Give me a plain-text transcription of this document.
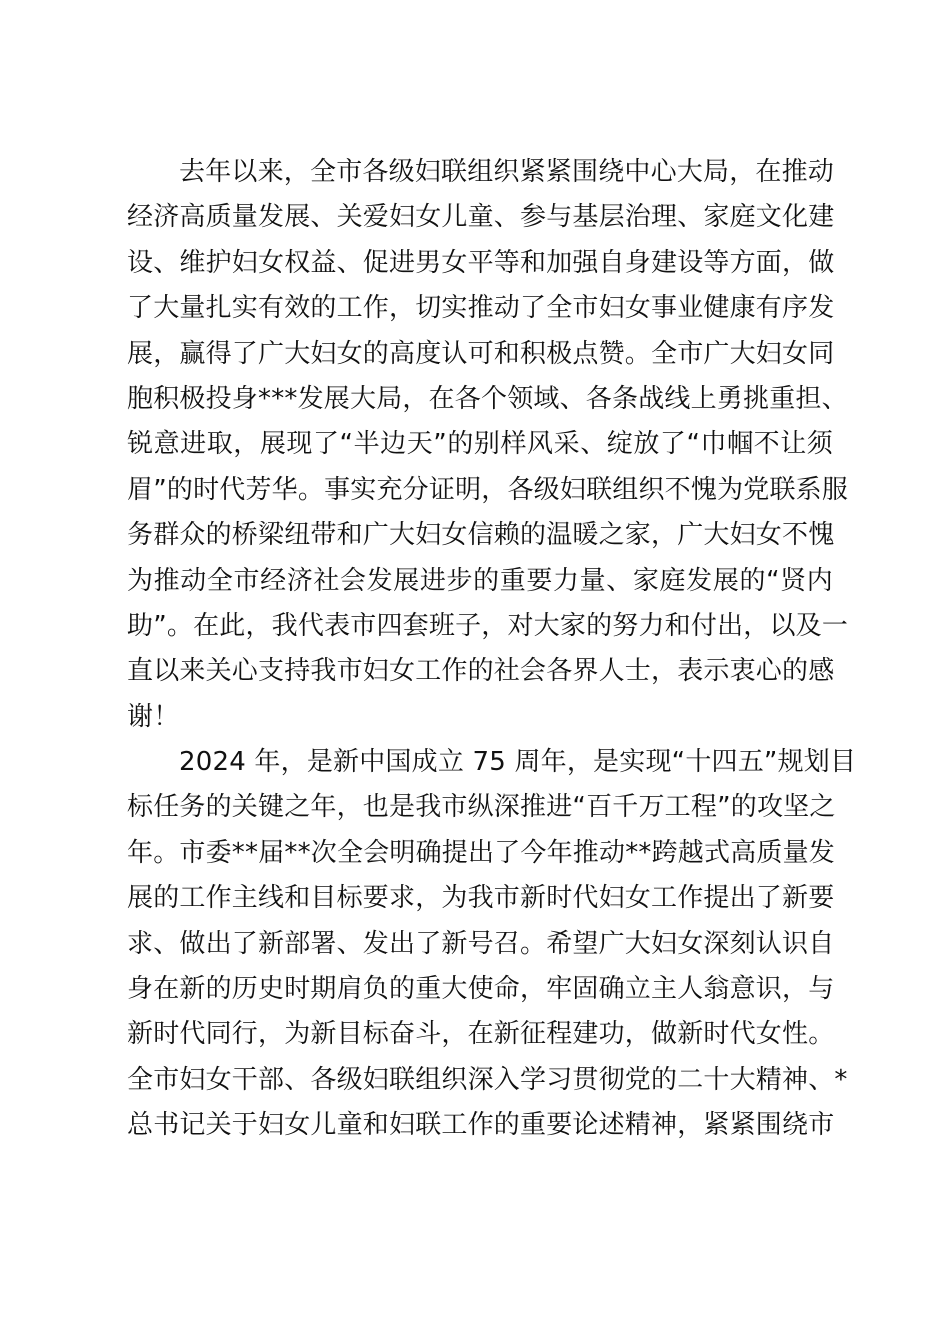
去年以来，全市各级妇联组织紧紧围绕中心大局，在推动
经济高质量发展、关爱妇女儿童、参与基层治理、家庭文化建
设、维护妇女权益、促进男女平等和加强自身建设等方面，做
了大量扎实有效的工作，切实推动了全市妇女事业健康有序发
展，赢得了广大妇女的高度认可和积极点赞。全市广大妇女同
胞积极投身***发展大局，在各个领域、各条战线上勇挑重担、
锐意进取，展现了“半边天”的别样风采、绽放了“巾帼不让须
眉”的时代芳华。事实充分证明，各级妇联组织不愧为党联系服
务群众的桥梁纽带和广大妇女信赖的温暖之家，广大妇女不愧
为推动全市经济社会发展进步的重要力量、家庭发展的“贤内
助”。在此，我代表市四套班子，对大家的努力和付出，以及一
直以来关心支持我市妇女工作的社会各界人士，表示衷心的感
谢！
2024 年，是新中国成立 75 周年，是实现“十四五”规划目
标任务的关键之年，也是我市纵深推进“百千万工程”的攻坚之
年。市委**届**次全会明确提出了今年推动**跨越式高质量发
展的工作主线和目标要求，为我市新时代妇女工作提出了新要
求、做出了新部署、发出了新号召。希望广大妇女深刻认识自
身在新的历史时期肩负的重大使命，牢固确立主人翁意识，与
新时代同行，为新目标奋斗，在新征程建功，做新时代女性。
全市妇女干部、各级妇联组织深入学习贯彻党的二十大精神、*
总书记关于妇女儿童和妇联工作的重要论述精神，紧紧围绕市
